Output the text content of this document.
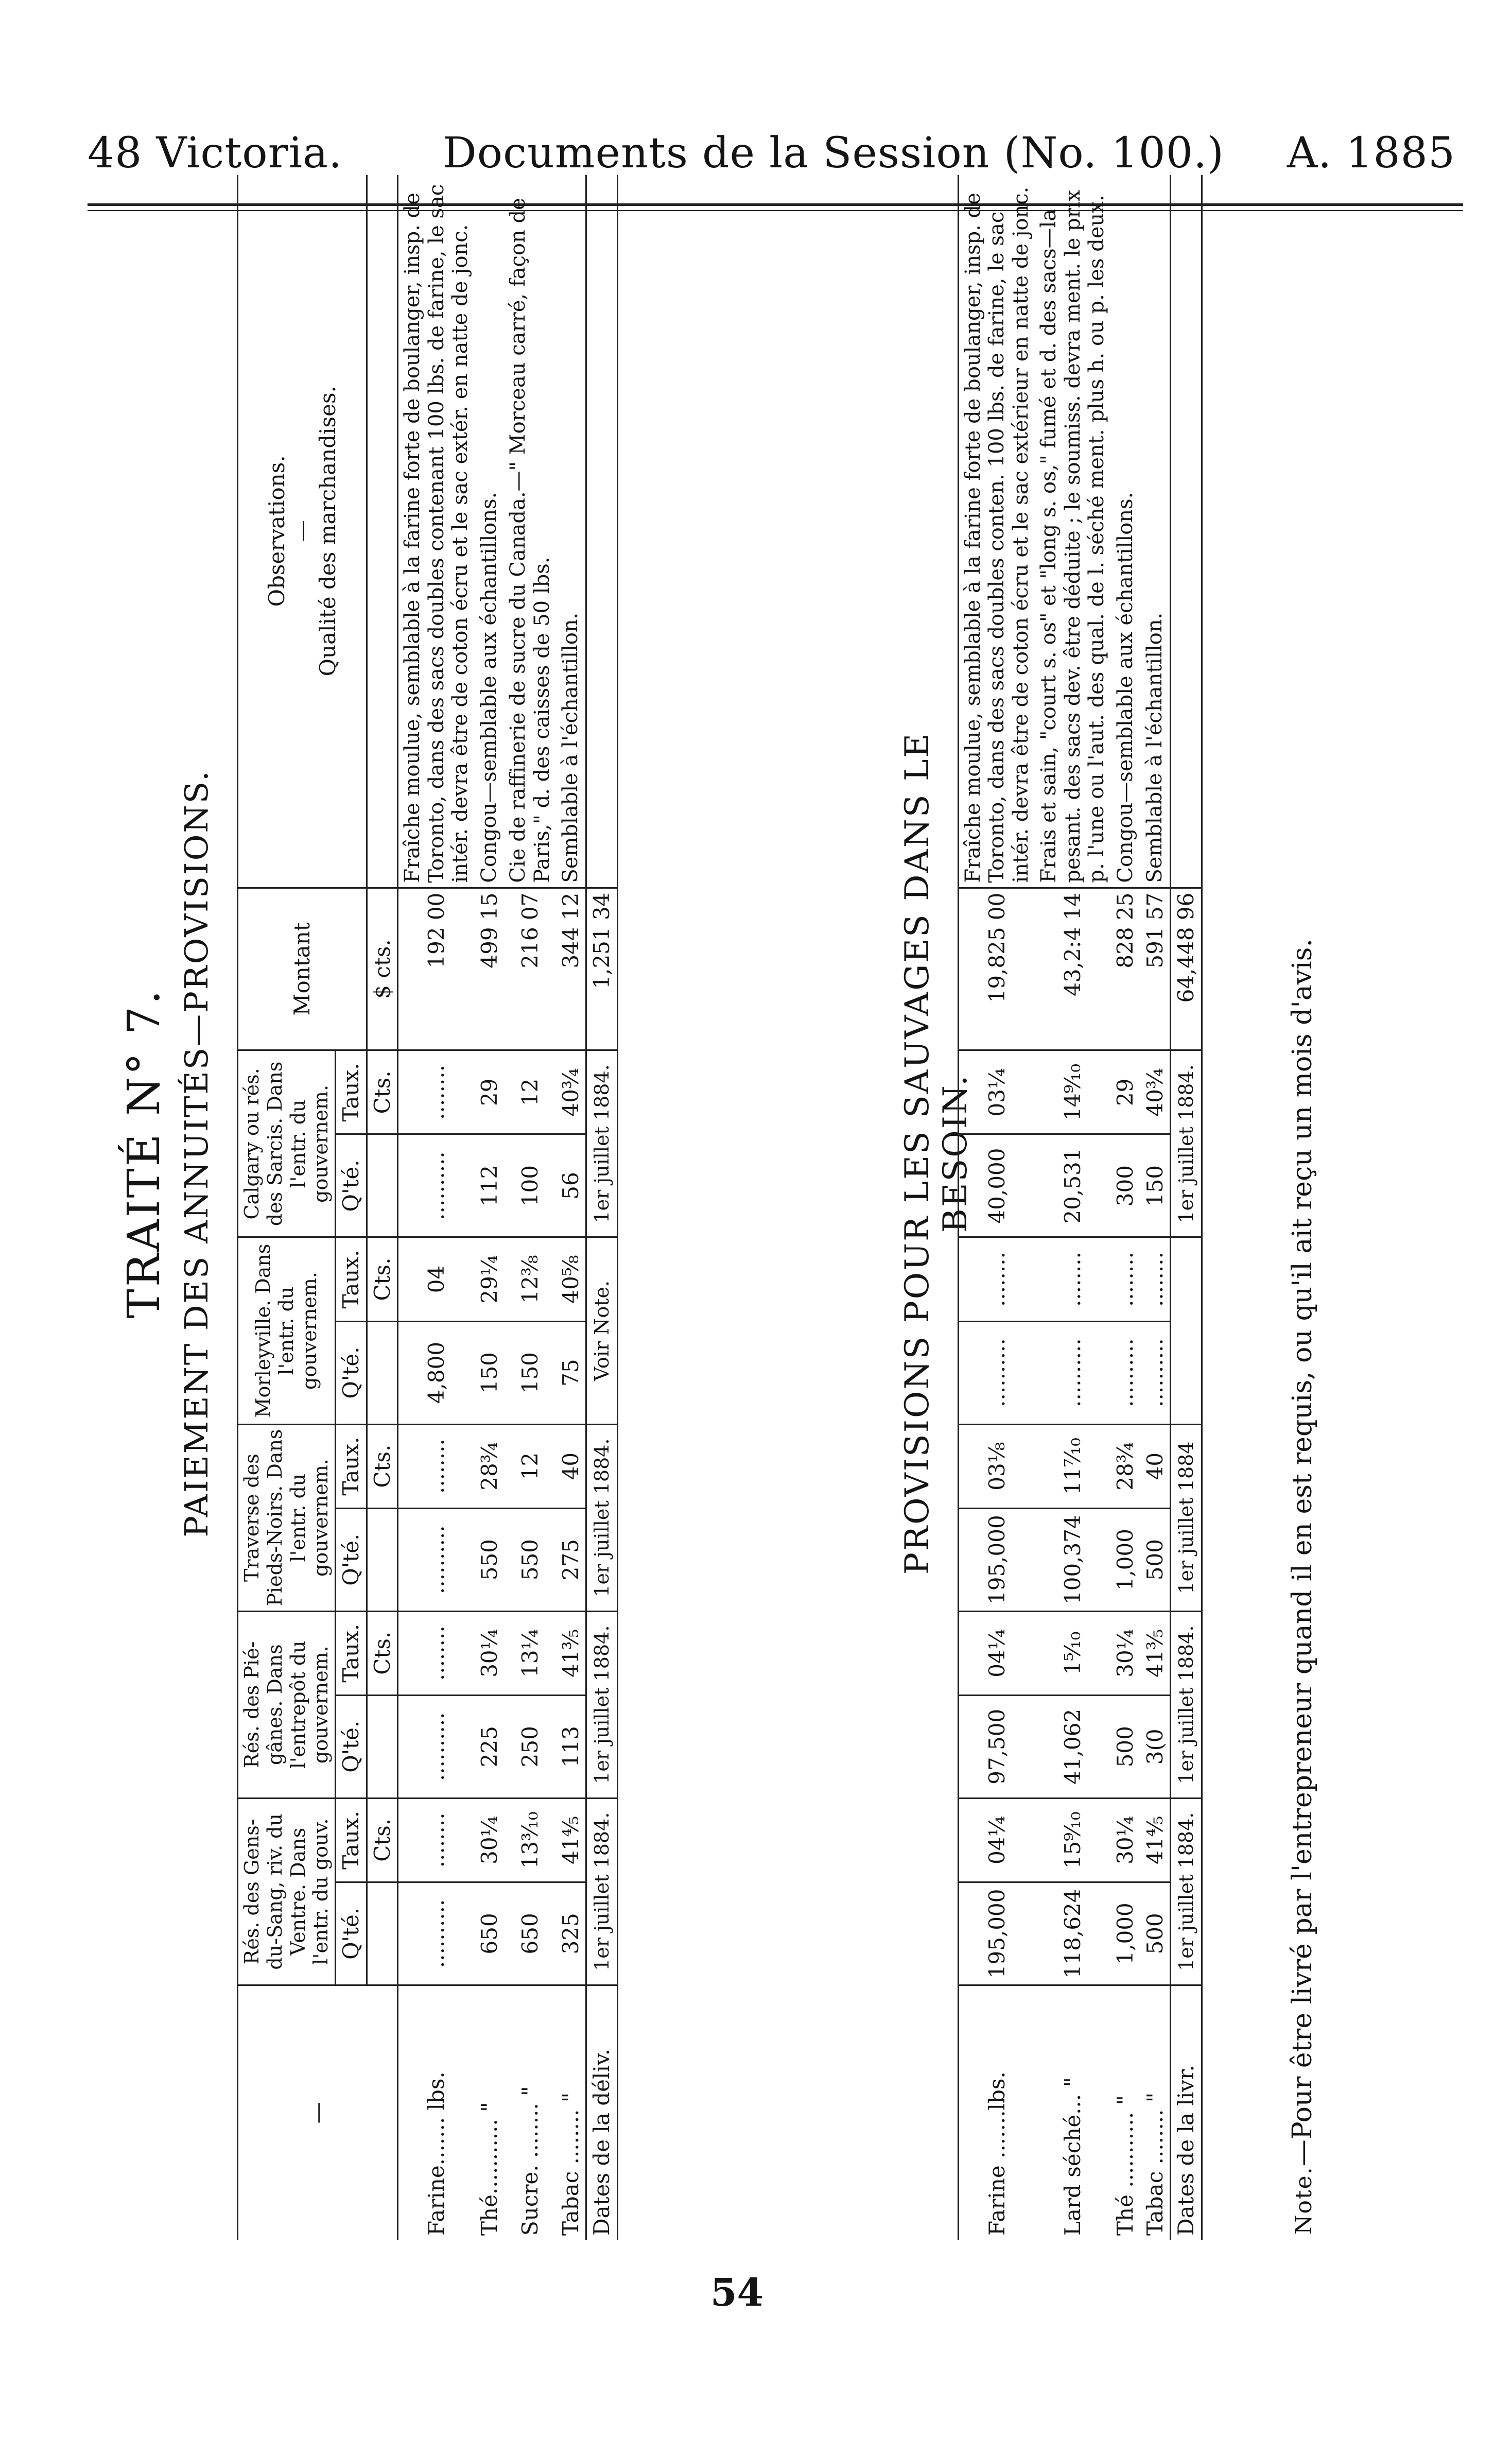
48 Victoria. Documents de la Session (No. 100.) A. 1885
TRAITÉ N° 7. PAIEMENT DES ANNUITÉS—PROVISIONS.
—	Rés. des Gens-du-Sang, riv. du Ventre. Dans l'entr. du gouv.		Rés. des Pié-gânes. Dans l'entrepôt du gouvernem.		Traverse des Pieds-Noirs. Dans l'entr. du gouvernem.		Morleyville. Dans l'entr. du gouvernem.		Calgary ou rés. des Sarcis. Dans l'entr. du gouvernem.		Montant	Observations. — Qualité des marchandises.

	Q'té.	Taux.	Q'té.	Taux.	Q'té.	Taux.	Q'té.	Taux.	Q'té.	Taux.		
		Cts.		Cts.		Cts.		Cts.		Cts.	$ cts.	
Farine....... lbs.	..........	........	..........	........	..........	........	4,800	04	..........	........	192 00	Fraîche moulue, semblable à la farine forte de boulanger, insp. de Toronto, dans des sacs doubles contenant 100 lbs. de farine, le sac intér. devra être de coton écru et le sac extér. en natte de jonc.
Thé........... "	650	30¼	225	30¼	550	28¾	150	29¼	112	29	499 15	Congou—semblable aux échantillons.
Sucre. ........ "	650	13³⁄₁₀	250	13¼	550	12	150	12⅜	100	12	216 07	Cie de raffinerie de sucre du Canada.—" Morceau carré, façon de Paris," d. des caisses de 50 lbs.
Tabac ........ "	325	41⅘	113	41⅗	275	40	75	40⅝	56	40¾	344 12	Semblable à l'échantillon.
Dates de la déliv.	1er juillet 1884.		1er juillet 1884.		1er juillet 1884.		Voir Note.		1er juillet 1884.		1,251 34		PROVISIONS POUR LES SAUVAGES DANS LE BESOIN.
Farine .......lbs.	195,000	04¼	97,500	04¼	195,000	03⅛	..........	........	40,000	03¼	19,825 00	Fraîche moulue, semblable à la farine forte de boulanger, insp. de Toronto, dans des sacs doubles conten. 100 lbs. de farine, le sac intér. devra être de coton écru et le sac extérieur en natte de jonc.
Lard séché... "	118,624	15⁹⁄₁₀	41,062	1⁵⁄₁₀	100,374	11⁷⁄₁₀	..........	........	20,531	14⁹⁄₁₀	43,2:4 14	Frais et sain, "court s. os" et "long s. os," fumé et d. des sacs—la pesant. des sacs dev. être déduite ; le soumiss. devra ment. le prix p. l'une ou l'aut. des qual. de l. séché ment. plus h. ou p. les deux.
Thé ........... "	1,000	30¼	500	30¼	1,000	28¾	..........	........	300	29	828 25	Congou—semblable aux échantillons.
Tabac ........ "	500	41⅘	3(0	41⅗	500	40	..........	........	150	40¾	591 57	Semblable à l'échantillon.
Dates de la livr.	1er juillet 1884.		1er juillet 1884.		1er juillet 1884				1er juillet 1884.		64,448 96	
Note.—Pour être livré par l'entrepreneur quand il en est requis, ou qu'il ait reçu un mois d'avis.
54
